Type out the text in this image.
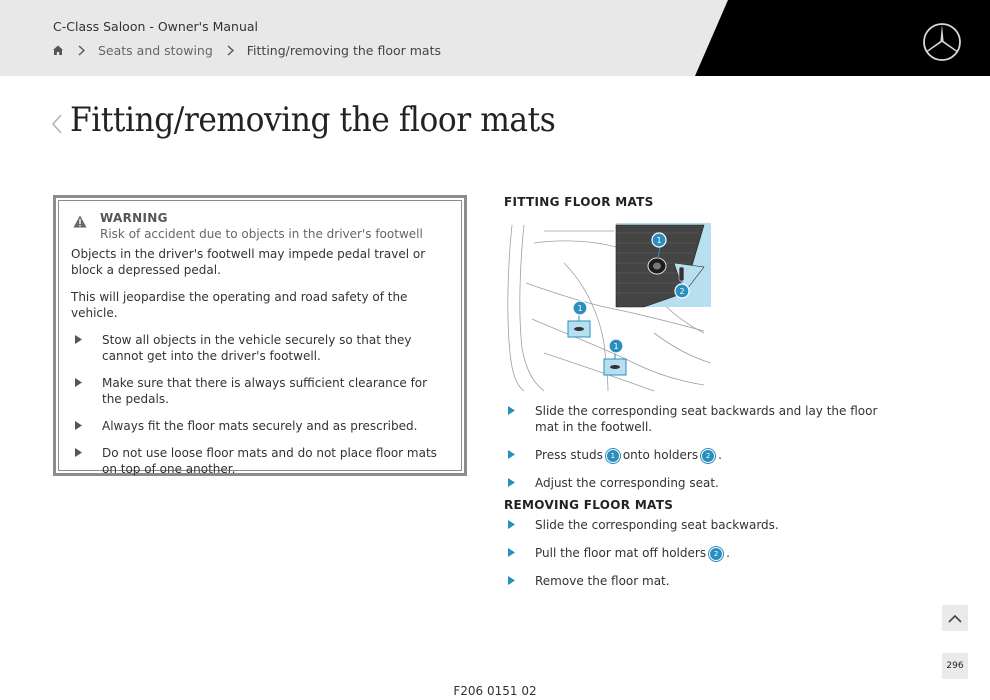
C-Class Saloon - Owner's Manual
Seats and stowing	Fitting/removing the floor mats
Fitting/removing the floor mats
WARNING
Risk of accident due to objects in the driver's footwell

Objects in the driver's footwell may impede pedal travel or block a depressed pedal.

This will jeopardise the operating and road safety of the vehicle.

Stow all objects in the vehicle securely so that they cannot get into the driver's footwell.
Make sure that there is always sufficient clearance for the pedals.
Always fit the floor mats securely and as prescribed.
Do not use loose floor mats and do not place floor mats on top of one another.
FITTING FLOOR MATS
1
2
1
1
Slide the corresponding seat backwards and lay the floor mat in the footwell.
Press studs 1 onto holders 2 .
Adjust the corresponding seat.
REMOVING FLOOR MATS
Slide the corresponding seat backwards.
Pull the floor mat off holders 2 .
Remove the floor mat.
296
F206 0151 02
